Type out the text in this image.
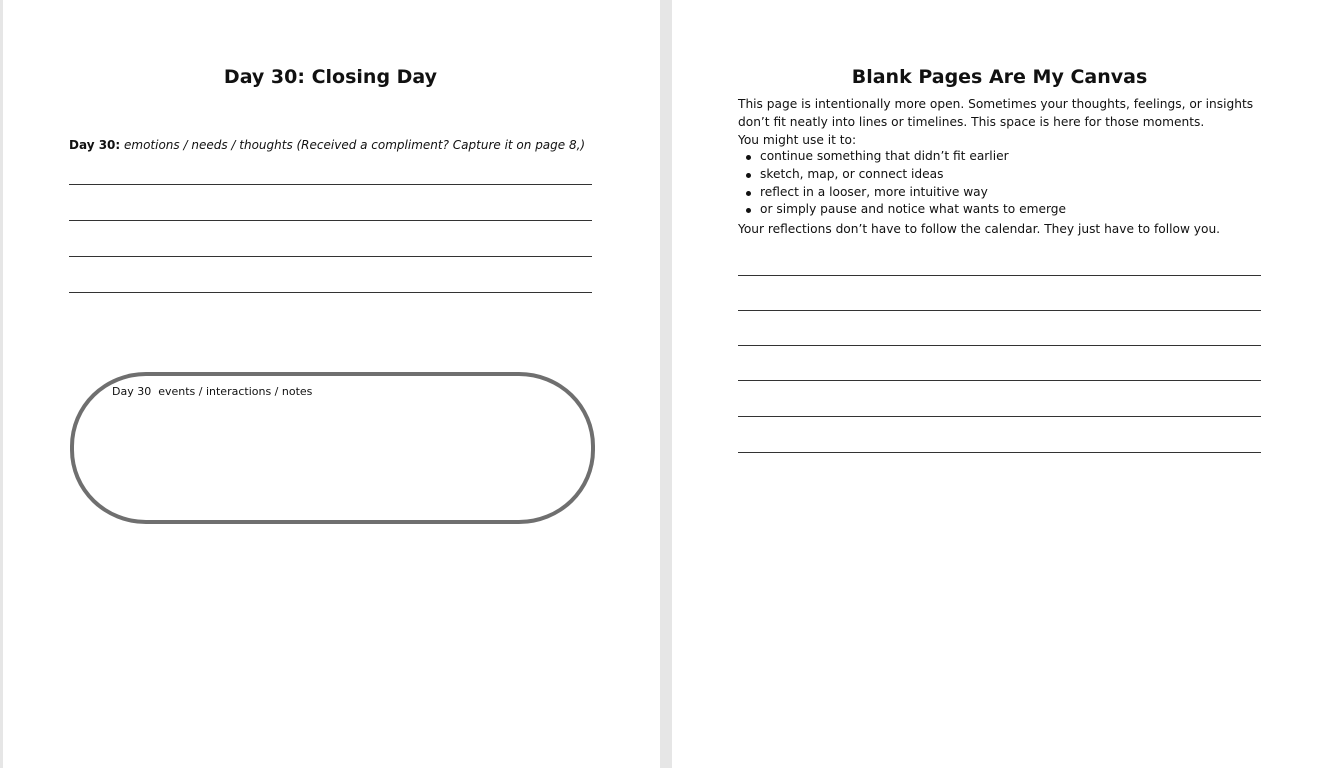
Day 30: Closing Day
Day 30: emotions / needs / thoughts (Received a compliment? Capture it on page 8,)
Day 30  events / interactions / notes
Blank Pages Are My Canvas

This page is intentionally more open. Sometimes your thoughts, feelings, or insights don’t fit neatly into lines or timelines. This space is here for those moments.

You might use it to:

continue something that didn’t fit earlier
sketch, map, or connect ideas
reflect in a looser, more intuitive way
or simply pause and notice what wants to emerge

Your reflections don’t have to follow the calendar. They just have to follow you.
